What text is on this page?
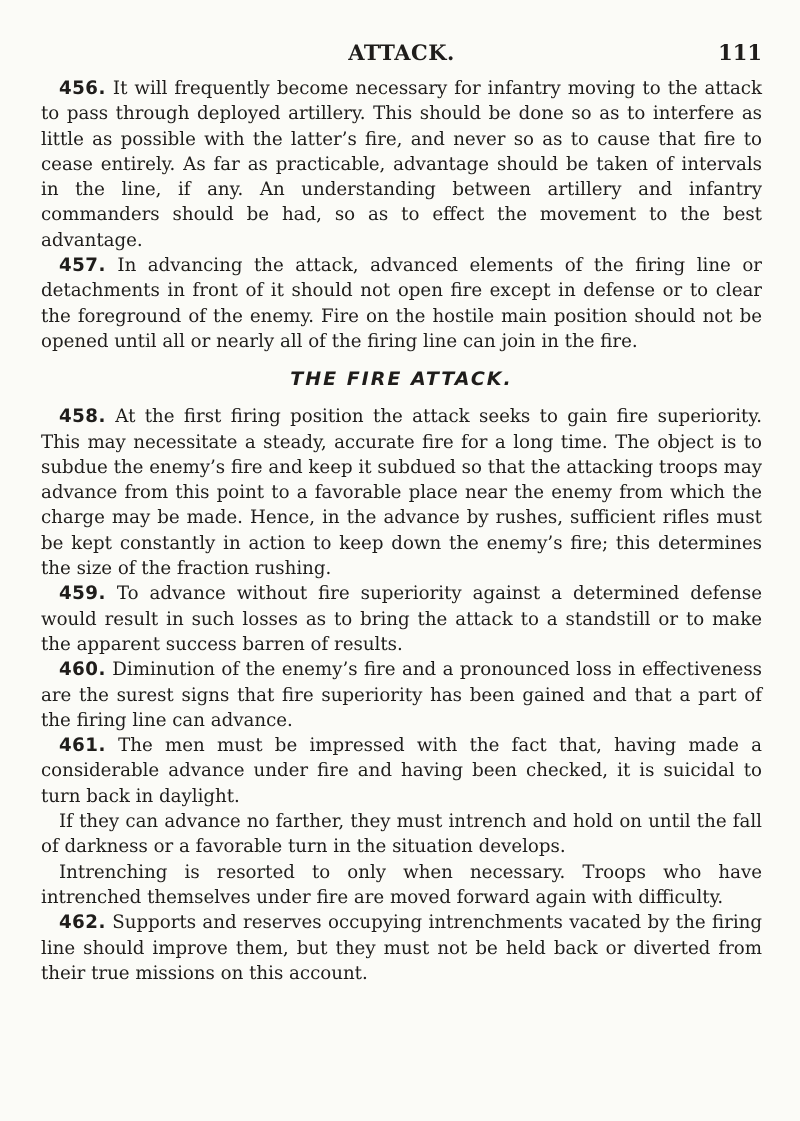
ATTACK.	111

456. It will frequently become necessary for infantry moving to the attack to pass through deployed artillery. This should be done so as to interfere as little as possible with the latter’s fire, and never so as to cause that fire to cease entirely. As far as practicable, advantage should be taken of intervals in the line, if any. An understanding between artillery and infantry commanders should be had, so as to effect the movement to the best advantage.

457. In advancing the attack, advanced elements of the firing line or detachments in front of it should not open fire except in defense or to clear the foreground of the enemy. Fire on the hostile main position should not be opened until all or nearly all of the firing line can join in the fire.

THE FIRE ATTACK.

458. At the first firing position the attack seeks to gain fire superiority. This may necessitate a steady, accurate fire for a long time. The object is to subdue the enemy’s fire and keep it subdued so that the attacking troops may advance from this point to a favorable place near the enemy from which the charge may be made. Hence, in the advance by rushes, sufficient rifles must be kept constantly in action to keep down the enemy’s fire; this determines the size of the fraction rushing.

459. To advance without fire superiority against a determined defense would result in such losses as to bring the attack to a standstill or to make the apparent success barren of results.

460. Diminution of the enemy’s fire and a pronounced loss in effectiveness are the surest signs that fire superiority has been gained and that a part of the firing line can advance.

461. The men must be impressed with the fact that, having made a considerable advance under fire and having been checked, it is suicidal to turn back in daylight.

If they can advance no farther, they must intrench and hold on until the fall of darkness or a favorable turn in the situation develops.

Intrenching is resorted to only when necessary. Troops who have intrenched themselves under fire are moved forward again with difficulty.

462. Supports and reserves occupying intrenchments vacated by the firing line should improve them, but they must not be held back or diverted from their true missions on this account.
